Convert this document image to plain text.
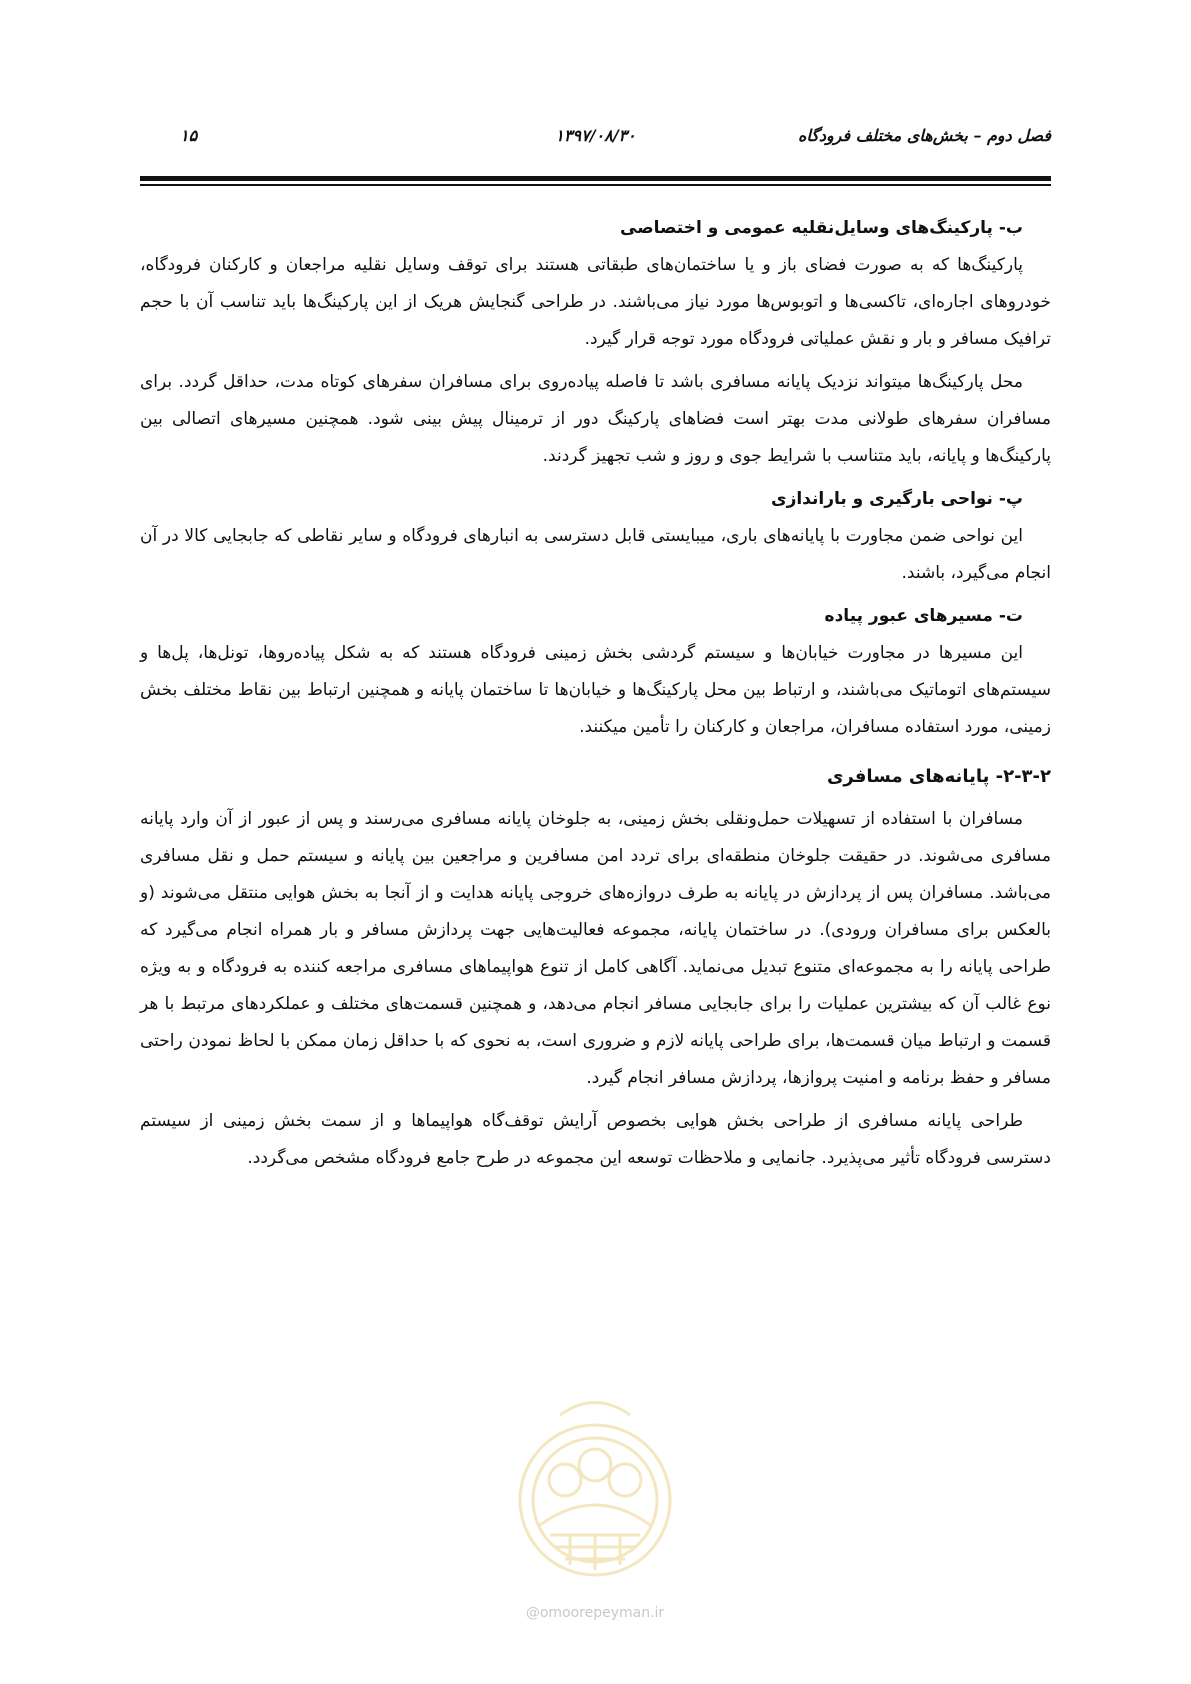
فصل دوم – بخش‌های مختلف فرودگاه
۱۳۹۷/۰۸/۳۰
۱۵
ب- پارکینگ‌های وسایل‌نقلیه عمومی و اختصاصی

پارکینگ‌ها که به صورت فضای باز و یا ساختمان‌های طبقاتی هستند برای توقف وسایل نقلیه مراجعان و کارکنان فرودگاه، خودروهای اجاره‌ای، تاکسی‌ها و اتوبوس‌ها مورد نیاز می‌باشند. در طراحی گنجایش هریک از این پارکینگ‌ها باید تناسب آن با حجم ترافیک مسافر و بار و نقش عملیاتی فرودگاه مورد توجه قرار گیرد.

محل پارکینگ‌ها میتواند نزدیک پایانه مسافری باشد تا فاصله پیاده‌روی برای مسافران سفرهای کوتاه مدت، حداقل گردد. برای مسافران سفرهای طولانی مدت بهتر است فضاهای پارکینگ دور از ترمینال پیش بینی شود. همچنین مسیرهای اتصالی بین پارکینگ‌ها و پایانه، باید متناسب با شرایط جوی و روز و شب تجهیز گردند.

پ- نواحی بارگیری و باراندازی

این نواحی ضمن مجاورت با پایانه‌های باری، میبایستی قابل دسترسی به انبارهای فرودگاه و سایر نقاطی که جابجایی کالا در آن انجام می‌گیرد، باشند.

ت- مسیرهای عبور پیاده

این مسیرها در مجاورت خیابان‌ها و سیستم گردشی بخش زمینی فرودگاه هستند که به شکل پیاده‌روها، تونل‌ها، پل‌ها و سیستم‌های اتوماتیک می‌باشند، و ارتباط بین محل پارکینگ‌ها و خیابان‌ها تا ساختمان پایانه و همچنین ارتباط بین نقاط مختلف بخش زمینی، مورد استفاده مسافران، مراجعان و کارکنان را تأمین میکنند.

۲-۳-۲- پایانه‌های مسافری

مسافران با استفاده از تسهیلات حمل‌ونقلی بخش زمینی، به جلوخان پایانه مسافری می‌رسند و پس از عبور از آن وارد پایانه مسافری می‌شوند. در حقیقت جلوخان منطقه‌ای برای تردد امن مسافرین و مراجعین بین پایانه و سیستم حمل و نقل مسافری می‌باشد. مسافران پس از پردازش در پایانه به طرف دروازه‌های خروجی پایانه هدایت و از آنجا به بخش هوایی منتقل می‌شوند (و بالعکس برای مسافران ورودی). در ساختمان پایانه، مجموعه فعالیت‌هایی جهت پردازش مسافر و بار همراه انجام می‌گیرد که طراحی پایانه را به مجموعه‌ای متنوع تبدیل می‌نماید. آگاهی کامل از تنوع هواپیماهای مسافری مراجعه کننده به فرودگاه و به ویژه نوع غالب آن که بیشترین عملیات را برای جابجایی مسافر انجام می‌دهد، و همچنین قسمت‌های مختلف و عملکردهای مرتبط با هر قسمت و ارتباط میان قسمت‌ها، برای طراحی پایانه لازم و ضروری است، به نحوی که با حداقل زمان ممکن با لحاظ نمودن راحتی مسافر و حفظ برنامه و امنیت پروازها، پردازش مسافر انجام گیرد.

طراحی پایانه مسافری از طراحی بخش هوایی بخصوص آرایش توقف‌گاه هواپیماها و از سمت بخش زمینی از سیستم دسترسی فرودگاه تأثیر می‌پذیرد. جانمایی و ملاحظات توسعه این مجموعه در طرح جامع فرودگاه مشخص می‌گردد.

@omoorepeyman.ir
